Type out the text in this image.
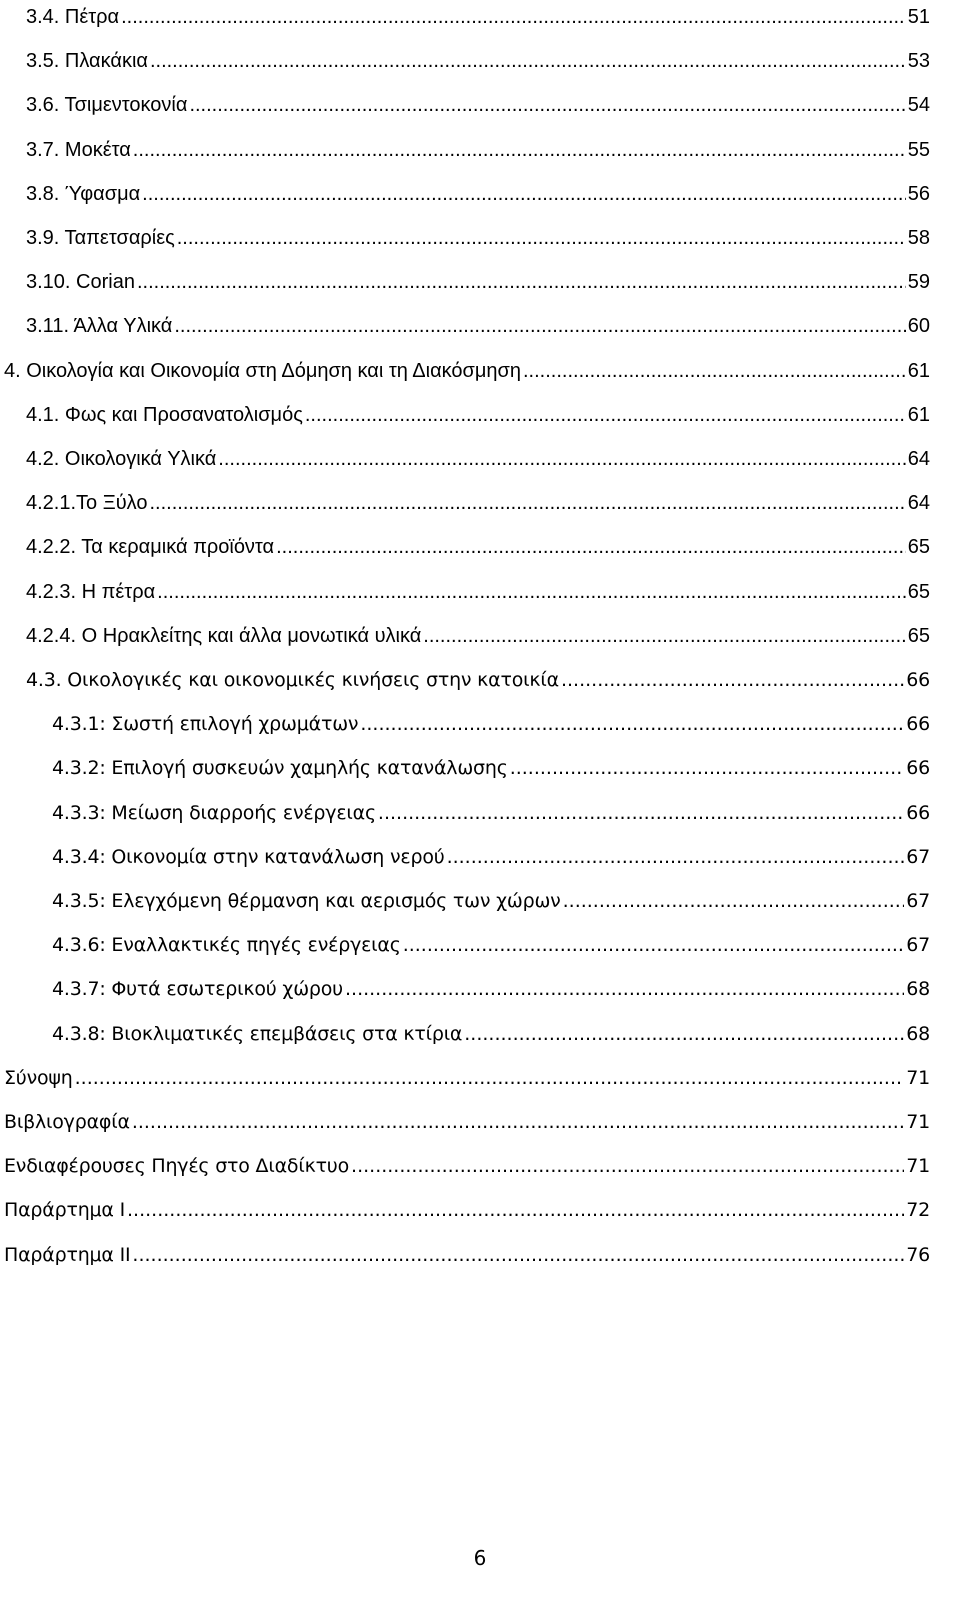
3.4. Πέτρα .....	51
3.5. Πλακάκια .....	53
3.6. Τσιμεντοκονία .....	54
3.7. Μοκέτα .....	55
3.8. Ύφασμα .....	56
3.9. Ταπετσαρίες .....	58
3.10. Corian .....	59
3.11. Άλλα Υλικά .....	60
4. Οικολογία και Οικονομία στη Δόμηση και τη Διακόσμηση .....	61
4.1. Φως και Προσανατολισμός .....	61
4.2. Οικολογικά Υλικά .....	64
4.2.1.Το Ξύλο .....	64
4.2.2. Τα κεραμικά προϊόντα .....	65
4.2.3. Η πέτρα .....	65
4.2.4. Ο Ηρακλείτης και άλλα μονωτικά υλικά .....	65
4.3. Οικολογικές και οικονομικές κινήσεις στην κατοικία .....	66
4.3.1: Σωστή επιλογή χρωμάτων .....	66
4.3.2: Επιλογή συσκευών χαμηλής κατανάλωσης .....	66
4.3.3: Μείωση διαρροής ενέργειας .....	66
4.3.4: Οικονομία στην κατανάλωση νερού .....	67
4.3.5: Ελεγχόμενη θέρμανση και αερισμός των χώρων .....	67
4.3.6: Εναλλακτικές πηγές ενέργειας .....	67
4.3.7: Φυτά εσωτερικού χώρου .....	68
4.3.8: Βιοκλιματικές επεμβάσεις στα κτίρια .....	68
Σύνοψη .....	71
Βιβλιογραφία .....	71
Ενδιαφέρουσες Πηγές στο Διαδίκτυο .....	71
Παράρτημα I .....	72
Παράρτημα II .....	76
6
